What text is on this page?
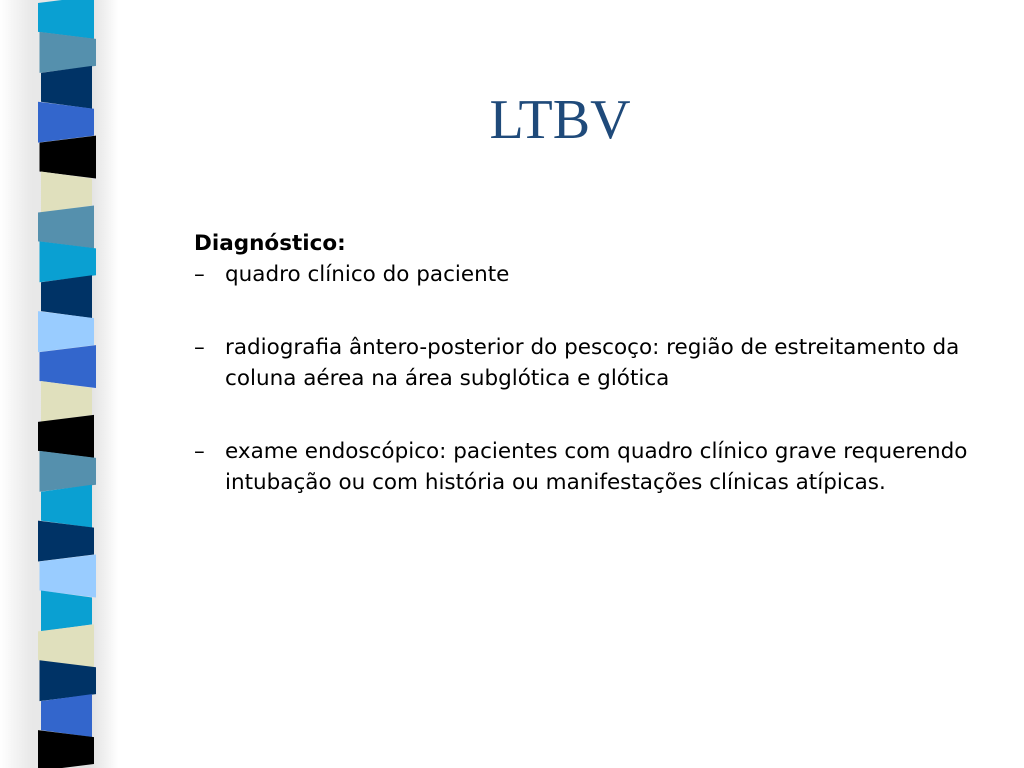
LTBV

Diagnóstico:

– quadro clínico do paciente
– radiografia ântero-posterior do pescoço: região de estreitamento da coluna aérea na área subglótica e glótica
– exame endoscópico: pacientes com quadro clínico grave requerendo intubação ou com história ou manifestações clínicas atípicas.
